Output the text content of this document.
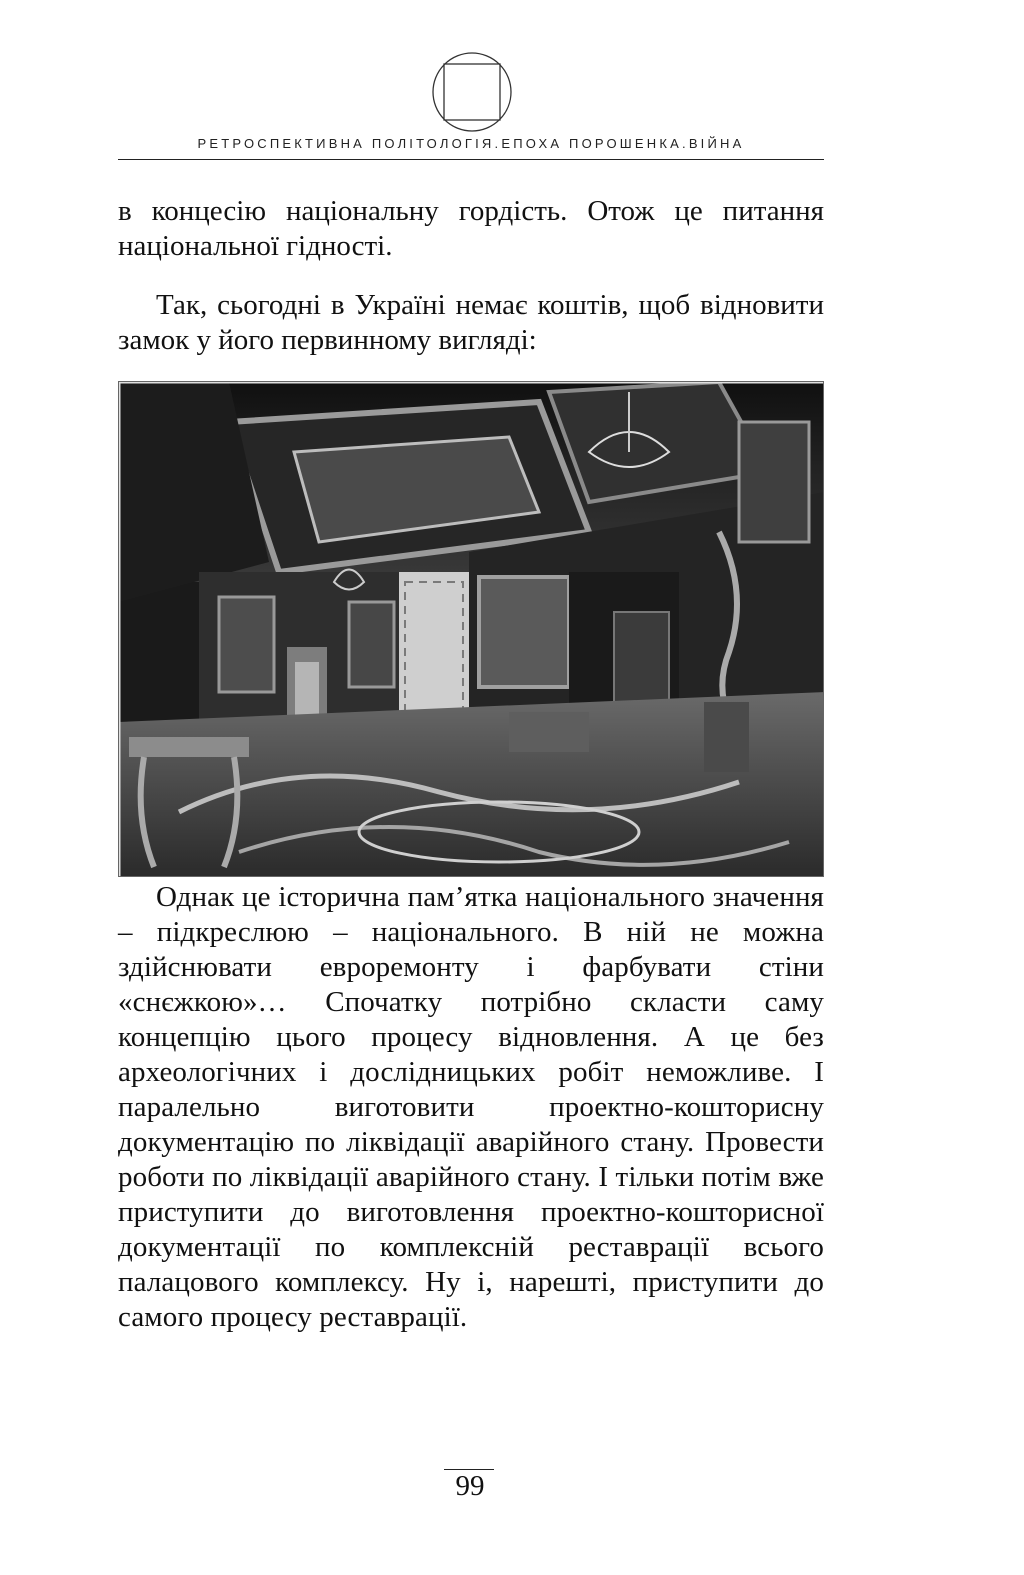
РЕТРОСПЕКТИВНА ПОЛІТОЛОГІЯ.ЕПОХА ПОРОШЕНКА.ВІЙНА

в концесію національну гордість. Отож це питання національної гідності.

Так, сьогодні в Україні немає коштів, щоб відновити замок у його первинному вигляді:

Однак це історична пам’ятка національного значення – підкреслюю – національного. В ній не можна здійснювати евроремонту і фарбувати стіни «снєжкою»… Спочатку потрібно скласти саму концепцію цього процесу відновлення. А це без археологічних і дослідницьких робіт неможливе. І паралельно виготовити проектно-кошторисну документацію по ліквідації аварійного стану. Провести роботи по ліквідації аварійного стану. І тільки потім вже приступити до виготовлення проектно-кошторисної документації по комплексній реставрації всього палацового комплексу. Ну і, нарешті, приступити до самого процесу реставрації.

99
